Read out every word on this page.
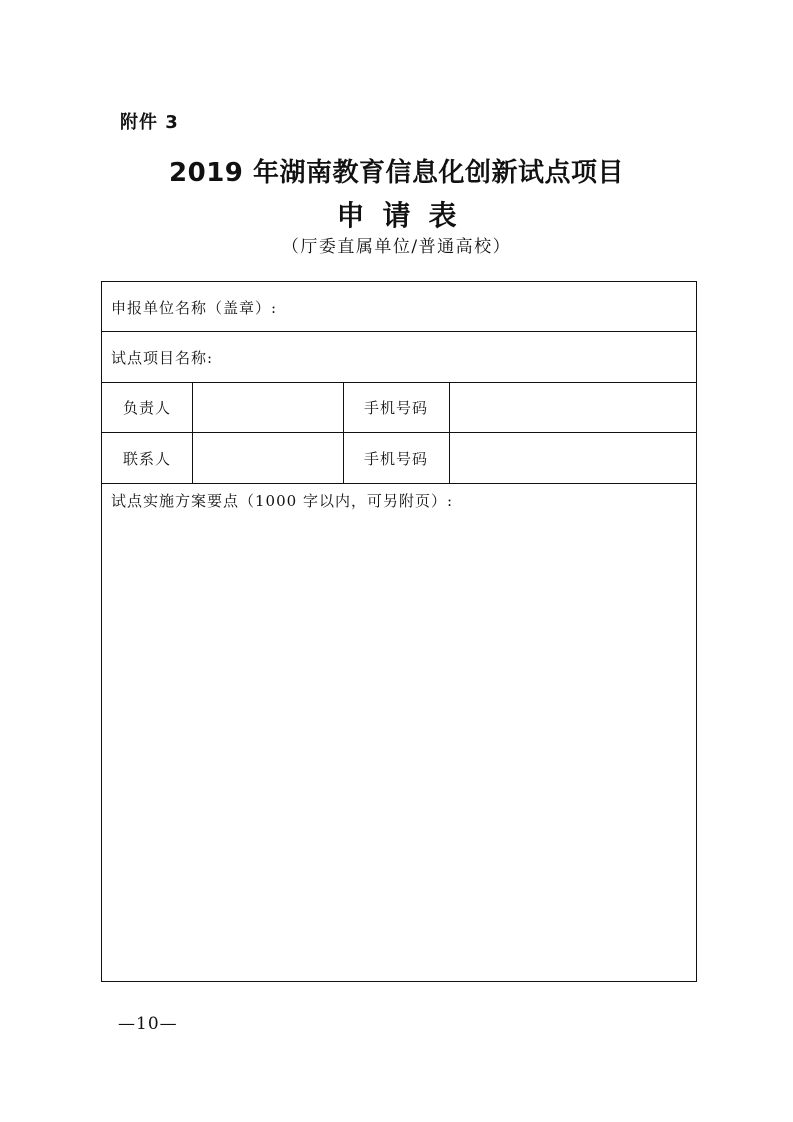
附件 3
2019 年湖南教育信息化创新试点项目
申请表
（厅委直属单位/普通高校）
申报单位名称（盖章）:
试点项目名称:
负责人	手机号码
联系人	手机号码
试点实施方案要点（1000 字以内，可另附页）:
—10—
